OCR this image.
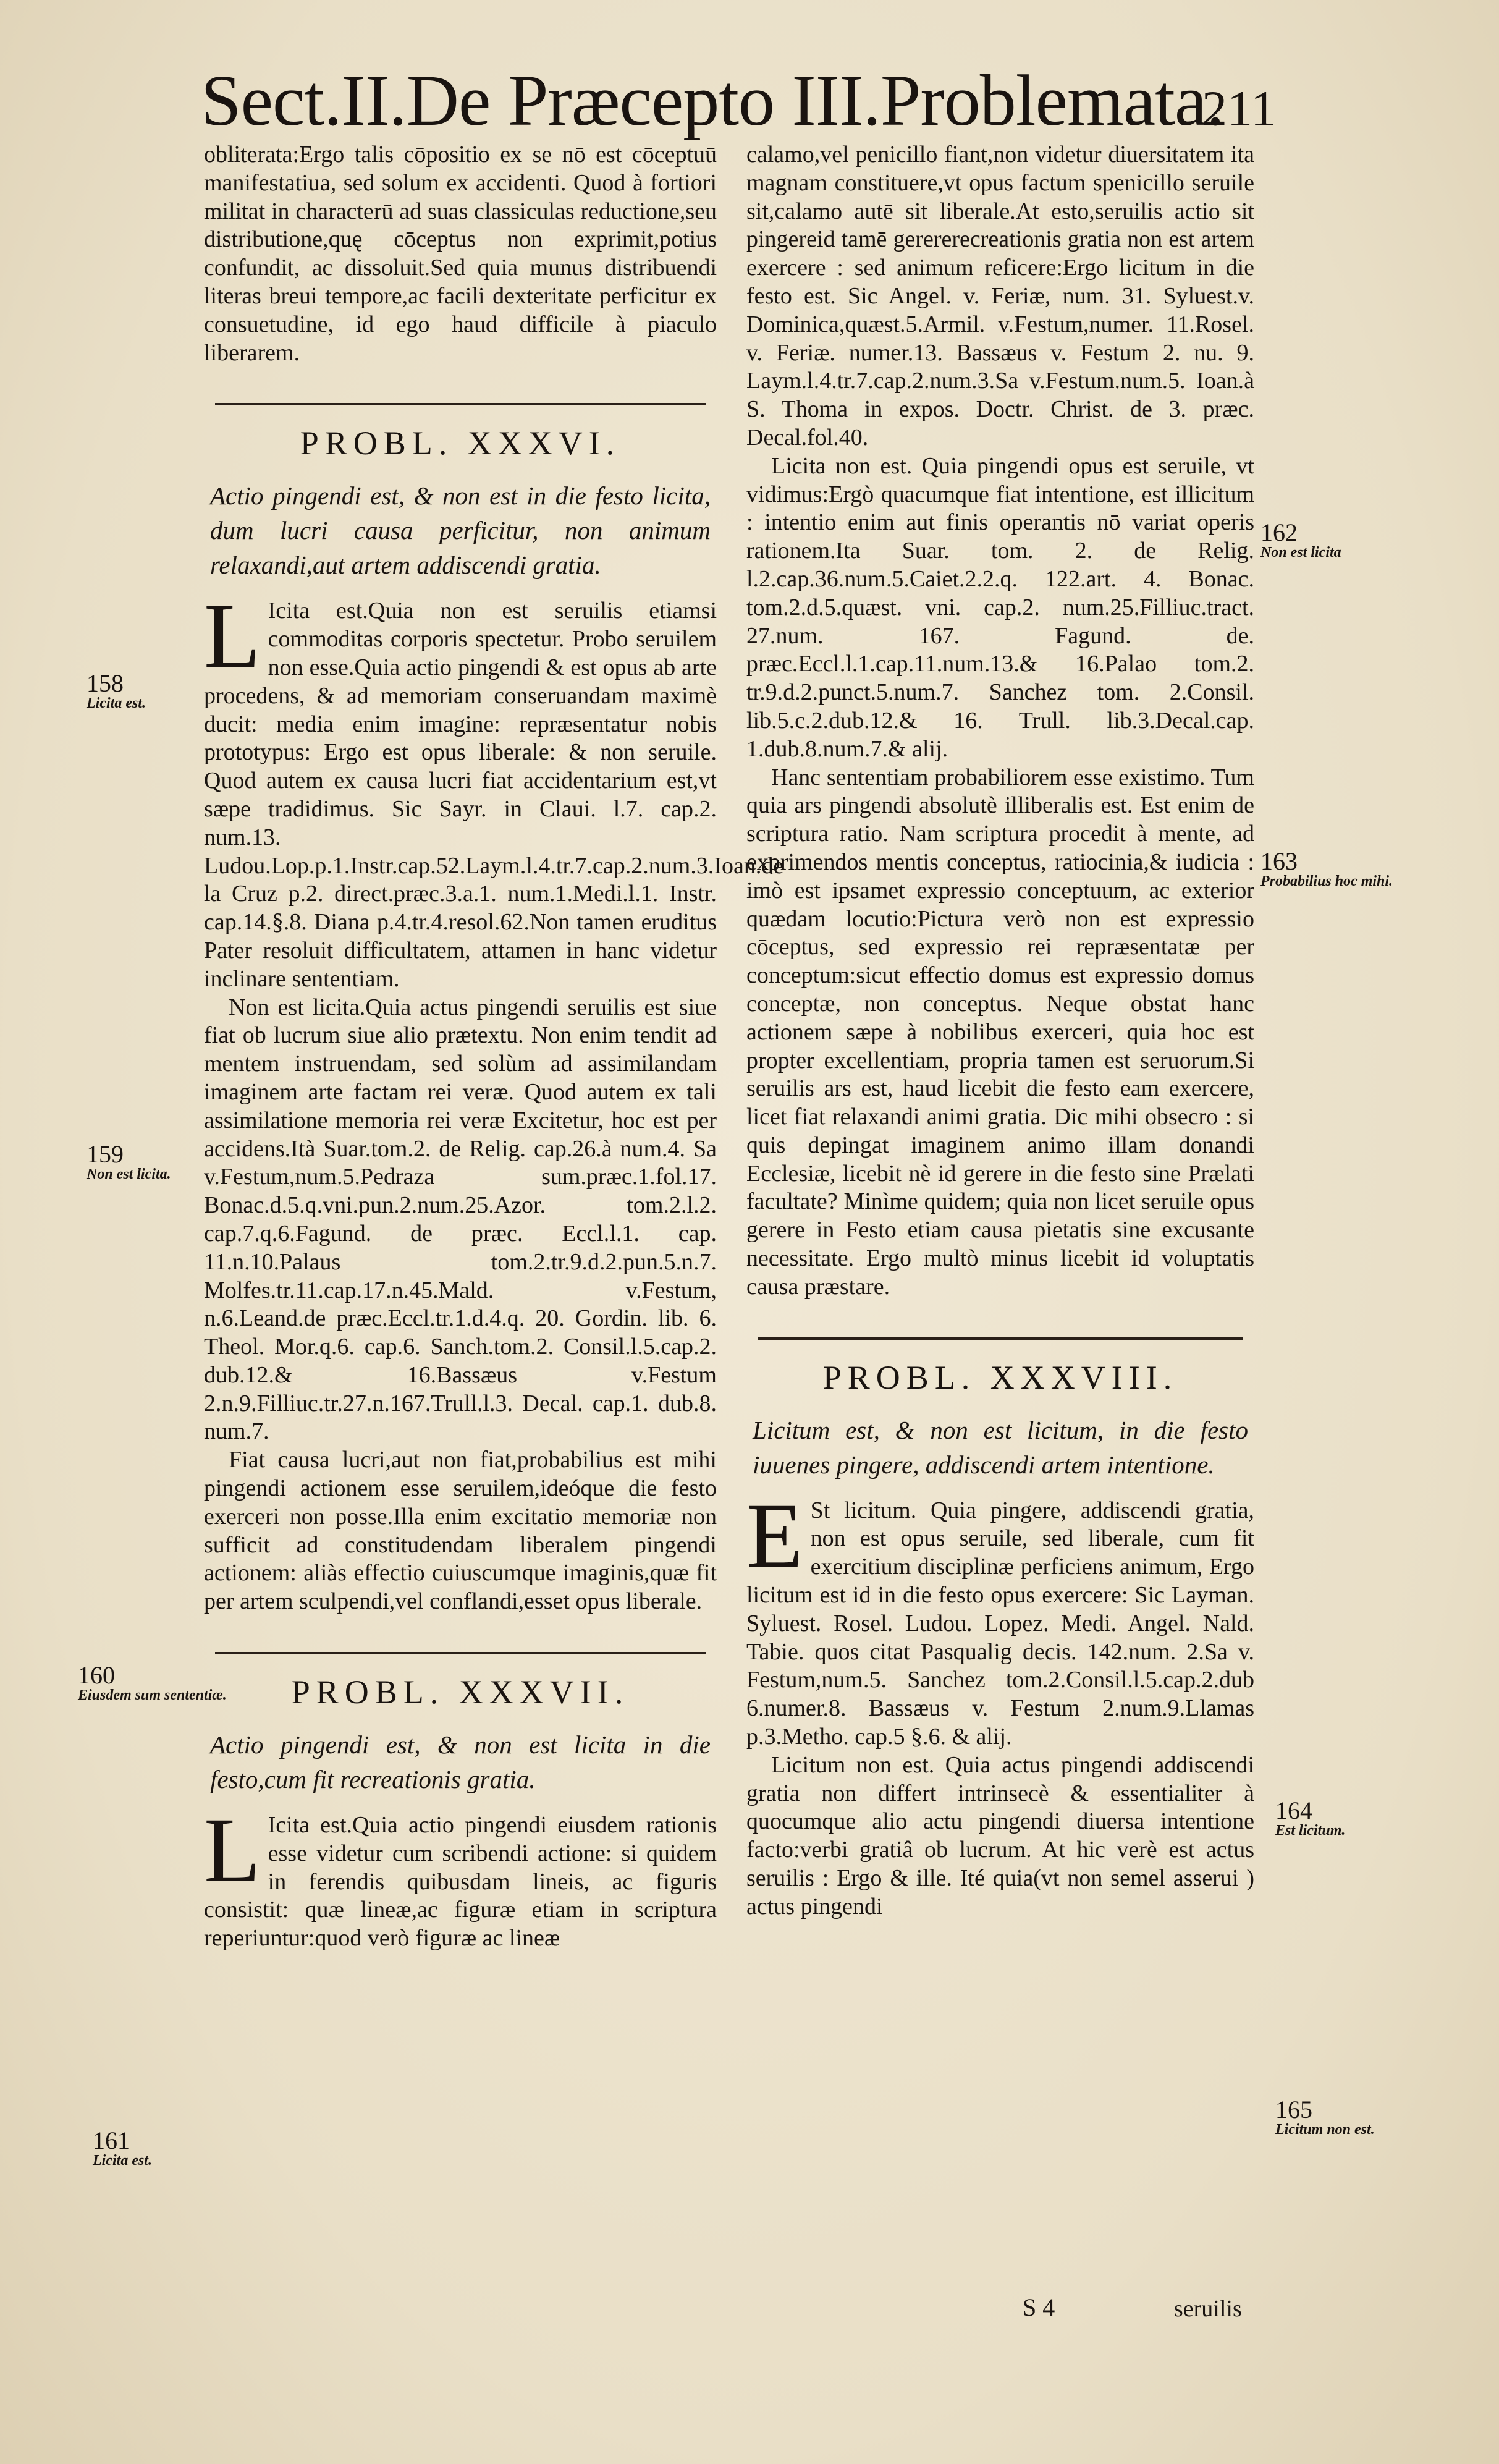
Sect.II.De Præcepto III.Problemata.
211

obliterata:Ergo talis cōpositio ex se nō est cōceptuū manifestatiua, sed solum ex accidenti. Quod à fortiori militat in characterū ad suas classiculas reductione,seu distributione,quę cōceptus non exprimit,potius confundit, ac dissoluit.Sed quia munus distribuendi literas breui tempore,ac facili dexteritate perficitur ex consuetudine, id ego haud difficile à piaculo liberarem.

PROBL. XXXVI.

Actio pingendi est, & non est in die festo licita, dum lucri causa perficitur, non animum relaxandi,aut artem addiscendi gratia.

L Icita est.Quia non est seruilis etiamsi commoditas corporis spectetur. Probo seruilem non esse.Quia actio pingendi & est opus ab arte procedens, & ad memoriam conseruandam maximè ducit: media enim imagine: repræsentatur nobis prototypus: Ergo est opus liberale: & non seruile. Quod autem ex causa lucri fiat accidentarium est,vt sæpe tradidimus. Sic Sayr. in Claui. l.7. cap.2. num.13. Ludou.Lop.p.1.Instr.cap.52.Laym.l.4.tr.7.cap.2.num.3.Ioan.de la Cruz p.2. direct.præc.3.a.1. num.1.Medi.l.1. Instr. cap.14.§.8. Diana p.4.tr.4.resol.62.Non tamen eruditus Pater resoluit difficultatem, attamen in hanc videtur inclinare sententiam.

Non est licita.Quia actus pingendi seruilis est siue fiat ob lucrum siue alio prætextu. Non enim tendit ad mentem instruendam, sed solùm ad assimilandam imaginem arte factam rei veræ. Quod autem ex tali assimilatione memoria rei veræ Excitetur, hoc est per accidens.Ità Suar.tom.2. de Relig. cap.26.à num.4. Sa v.Festum,num.5.Pedraza sum.præc.1.fol.17. Bonac.d.5.q.vni.pun.2.num.25.Azor. tom.2.l.2. cap.7.q.6.Fagund. de præc. Eccl.l.1. cap. 11.n.10.Palaus tom.2.tr.9.d.2.pun.5.n.7. Molfes.tr.11.cap.17.n.45.Mald. v.Festum, n.6.Leand.de præc.Eccl.tr.1.d.4.q. 20. Gordin. lib. 6. Theol. Mor.q.6. cap.6. Sanch.tom.2. Consil.l.5.cap.2. dub.12.& 16.Bassæus v.Festum 2.n.9.Filliuc.tr.27.n.167.Trull.l.3. Decal. cap.1. dub.8. num.7.

Fiat causa lucri,aut non fiat,probabilius est mihi pingendi actionem esse seruilem,ideóque die festo exerceri non posse.Illa enim excitatio memoriæ non sufficit ad constitudendam liberalem pingendi actionem: aliàs effectio cuiuscumque imaginis,quæ fit per artem sculpendi,vel conflandi,esset opus liberale.

PROBL. XXXVII.

Actio pingendi est, & non est licita in die festo,cum fit recreationis gratia.

L Icita est.Quia actio pingendi eiusdem rationis esse videtur cum scribendi actione: si quidem in ferendis quibusdam lineis, ac figuris consistit: quæ lineæ,ac figuræ etiam in scriptura reperiuntur:quod verò figuræ ac lineæ

calamo,vel penicillo fiant,non videtur diuersitatem ita magnam constituere,vt opus factum spenicillo seruile sit,calamo autē sit liberale.At esto,seruilis actio sit pingereid tamē gerererecreationis gratia non est artem exercere : sed animum reficere:Ergo licitum in die festo est. Sic Angel. v. Feriæ, num. 31. Syluest.v. Dominica,quæst.5.Armil. v.Festum,numer. 11.Rosel. v. Feriæ. numer.13. Bassæus v. Festum 2. nu. 9. Laym.l.4.tr.7.cap.2.num.3.Sa v.Festum.num.5. Ioan.à S. Thoma in expos. Doctr. Christ. de 3. præc. Decal.fol.40.

Licita non est. Quia pingendi opus est seruile, vt vidimus:Ergò quacumque fiat intentione, est illicitum : intentio enim aut finis operantis nō variat operis rationem.Ita Suar. tom. 2. de Relig. l.2.cap.36.num.5.Caiet.2.2.q. 122.art. 4. Bonac. tom.2.d.5.quæst. vni. cap.2. num.25.Filliuc.tract. 27.num. 167. Fagund. de. præc.Eccl.l.1.cap.11.num.13.& 16.Palao tom.2. tr.9.d.2.punct.5.num.7. Sanchez tom. 2.Consil. lib.5.c.2.dub.12.& 16. Trull. lib.3.Decal.cap. 1.dub.8.num.7.& alij.

Hanc sententiam probabiliorem esse existimo. Tum quia ars pingendi absolutè illiberalis est. Est enim de scriptura ratio. Nam scriptura procedit à mente, ad exprimendos mentis conceptus, ratiocinia,& iudicia : imò est ipsamet expressio conceptuum, ac exterior quædam locutio:Pictura verò non est expressio cōceptus, sed expressio rei repræsentatæ per conceptum:sicut effectio domus est expressio domus conceptæ, non conceptus. Neque obstat hanc actionem sæpe à nobilibus exerceri, quia hoc est propter excellentiam, propria tamen est seruorum.Si seruilis ars est, haud licebit die festo eam exercere, licet fiat relaxandi animi gratia. Dic mihi obsecro : si quis depingat imaginem animo illam donandi Ecclesiæ, licebit nè id gerere in die festo sine Prælati facultate? Minìme quidem; quia non licet seruile opus gerere in Festo etiam causa pietatis sine excusante necessitate. Ergo multò minus licebit id voluptatis causa præstare.

PROBL. XXXVIII.

Licitum est, & non est licitum, in die festo iuuenes pingere, addiscendi artem intentione.

E St licitum. Quia pingere, addiscendi gratia, non est opus seruile, sed liberale, cum fit exercitium disciplinæ perficiens animum, Ergo licitum est id in die festo opus exercere: Sic Layman. Syluest. Rosel. Ludou. Lopez. Medi. Angel. Nald. Tabie. quos citat Pasqualig decis. 142.num. 2.Sa v. Festum,num.5. Sanchez tom.2.Consil.l.5.cap.2.dub 6.numer.8. Bassæus v. Festum 2.num.9.Llamas p.3.Metho. cap.5 §.6. & alij.

Licitum non est. Quia actus pingendi addiscendi gratia non differt intrinsecè & essentialiter à quocumque alio actu pingendi diuersa intentione facto:verbi gratiâ ob lucrum. At hic verè est actus seruilis : Ergo & ille. Ité quia(vt non semel asserui ) actus pingendi

158
Licita est.
159
Non est licita.
160
Eiusdem sum sententiæ.
161
Licita est.
162
Non est licita
163
Probabilius hoc mihi.
164
Est licitum.
165
Licitum non est.
S 4	seruilis
